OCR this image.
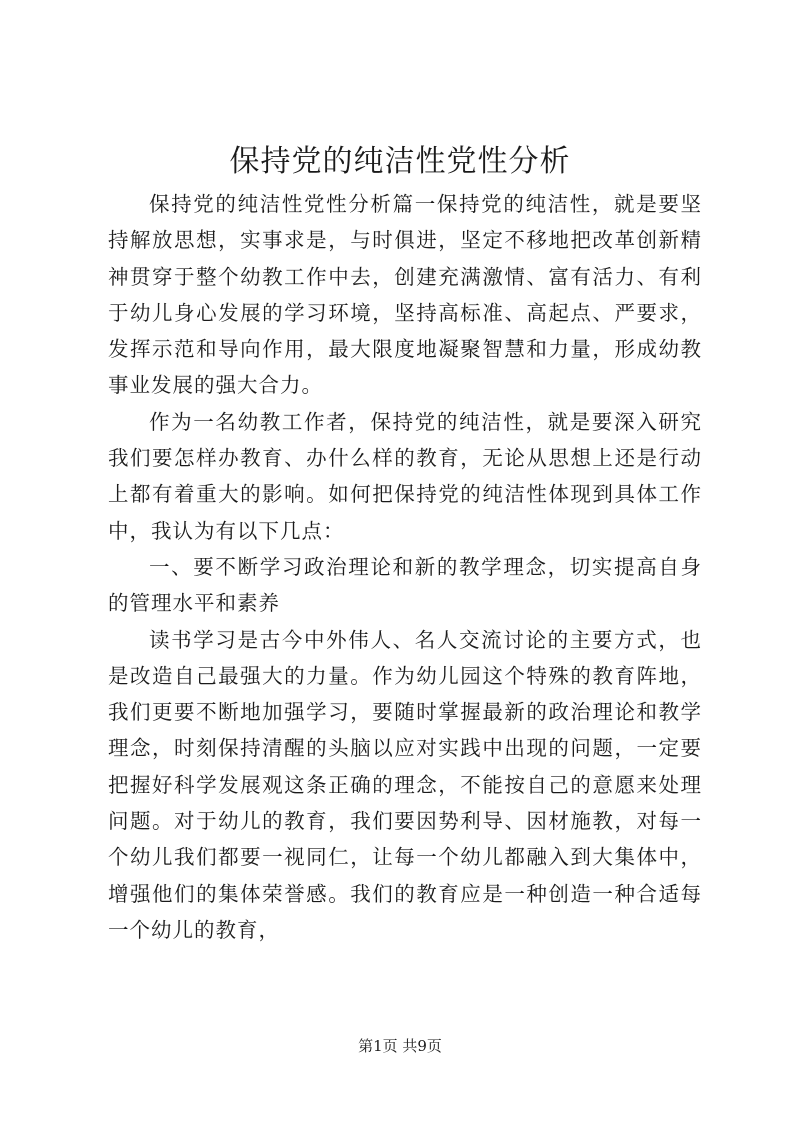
保持党的纯洁性党性分析

保持党的纯洁性党性分析篇一保持党的纯洁性，就是要坚持解放思想，实事求是，与时俱进，坚定不移地把改革创新精神贯穿于整个幼教工作中去，创建充满激情、富有活力、有利于幼儿身心发展的学习环境，坚持高标准、高起点、严要求，发挥示范和导向作用，最大限度地凝聚智慧和力量，形成幼教事业发展的强大合力。

作为一名幼教工作者，保持党的纯洁性，就是要深入研究我们要怎样办教育、办什么样的教育，无论从思想上还是行动上都有着重大的影响。如何把保持党的纯洁性体现到具体工作中，我认为有以下几点：

一、要不断学习政治理论和新的教学理念，切实提高自身的管理水平和素养

读书学习是古今中外伟人、名人交流讨论的主要方式，也是改造自己最强大的力量。作为幼儿园这个特殊的教育阵地，我们更要不断地加强学习，要随时掌握最新的政治理论和教学理念，时刻保持清醒的头脑以应对实践中出现的问题，一定要把握好科学发展观这条正确的理念，不能按自己的意愿来处理问题。对于幼儿的教育，我们要因势利导、因材施教，对每一个幼儿我们都要一视同仁，让每一个幼儿都融入到大集体中，增强他们的集体荣誉感。我们的教育应是一种创造一种合适每一个幼儿的教育，

第1页 共9页
